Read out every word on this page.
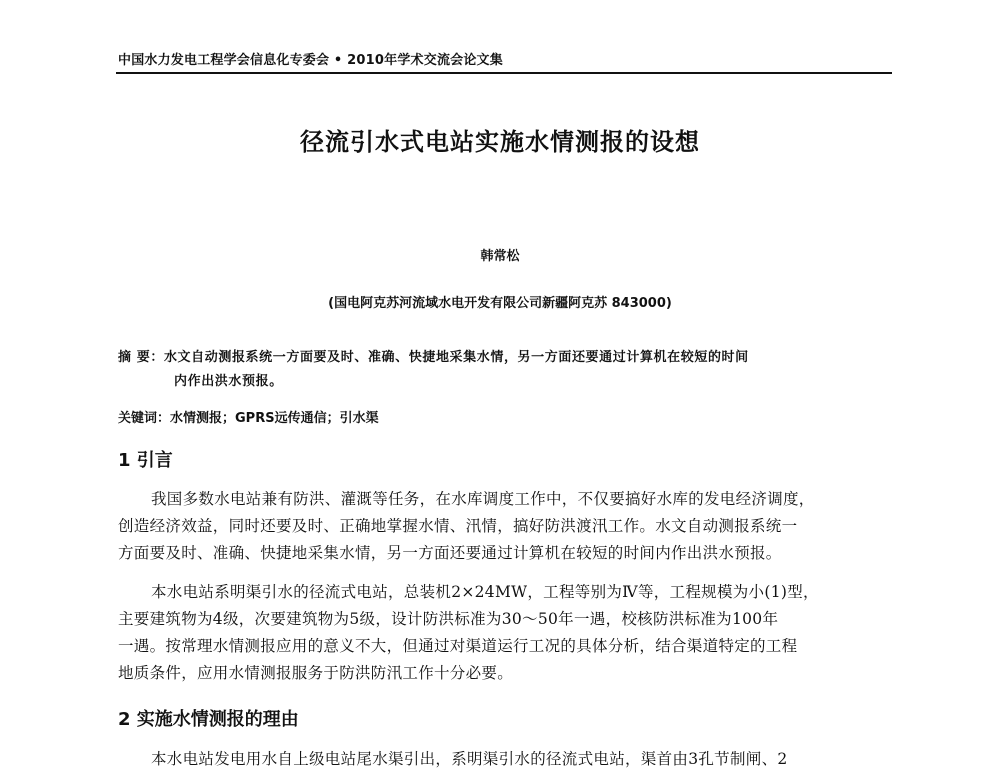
中国水力发电工程学会信息化专委会 • 2010年学术交流会论文集
径流引水式电站实施水情测报的设想
韩常松
(国电阿克苏河流域水电开发有限公司新疆阿克苏 843000)
摘 要：水文自动测报系统一方面要及时、准确、快捷地采集水情，另一方面还要通过计算机在较短的时间
内作出洪水预报。
关键词：水情测报；GPRS远传通信；引水渠
1 引言
我国多数水电站兼有防洪、灌溉等任务，在水库调度工作中，不仅要搞好水库的发电经济调度，
创造经济效益，同时还要及时、正确地掌握水情、汛情，搞好防洪渡汛工作。水文自动测报系统一
方面要及时、准确、快捷地采集水情，另一方面还要通过计算机在较短的时间内作出洪水预报。
本水电站系明渠引水的径流式电站，总装机2×24MW，工程等别为Ⅳ等，工程规模为小(1)型，
主要建筑物为4级，次要建筑物为5级，设计防洪标准为30～50年一遇，校核防洪标准为100年
一遇。按常理水情测报应用的意义不大，但通过对渠道运行工况的具体分析，结合渠道特定的工程
地质条件，应用水情测报服务于防洪防汛工作十分必要。
2 实施水情测报的理由
本水电站发电用水自上级电站尾水渠引出，系明渠引水的径流式电站，渠首由3孔节制闸、2
